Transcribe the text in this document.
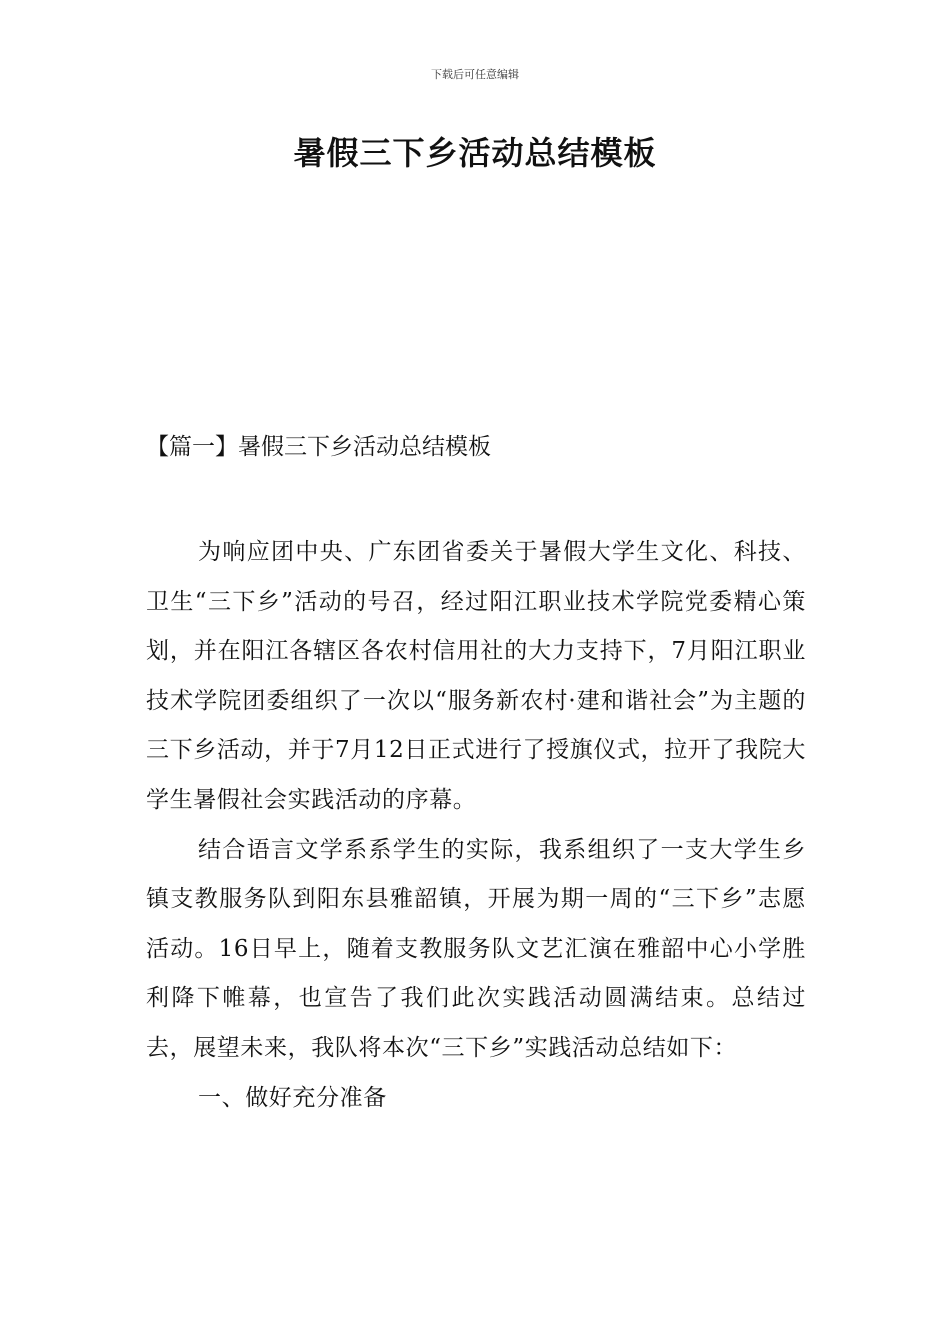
下载后可任意编辑
暑假三下乡活动总结模板
【篇一】暑假三下乡活动总结模板

为响应团中央、广东团省委关于暑假大学生文化、科技、卫生“三下乡”活动的号召，经过阳江职业技术学院党委精心策划，并在阳江各辖区各农村信用社的大力支持下，7月阳江职业技术学院团委组织了一次以“服务新农村·建和谐社会”为主题的三下乡活动，并于7月12日正式进行了授旗仪式，拉开了我院大学生暑假社会实践活动的序幕。

结合语言文学系系学生的实际，我系组织了一支大学生乡镇支教服务队到阳东县雅韶镇，开展为期一周的“三下乡”志愿活动。16日早上，随着支教服务队文艺汇演在雅韶中心小学胜利降下帷幕，也宣告了我们此次实践活动圆满结束。总结过去，展望未来，我队将本次“三下乡”实践活动总结如下：

一、做好充分准备
